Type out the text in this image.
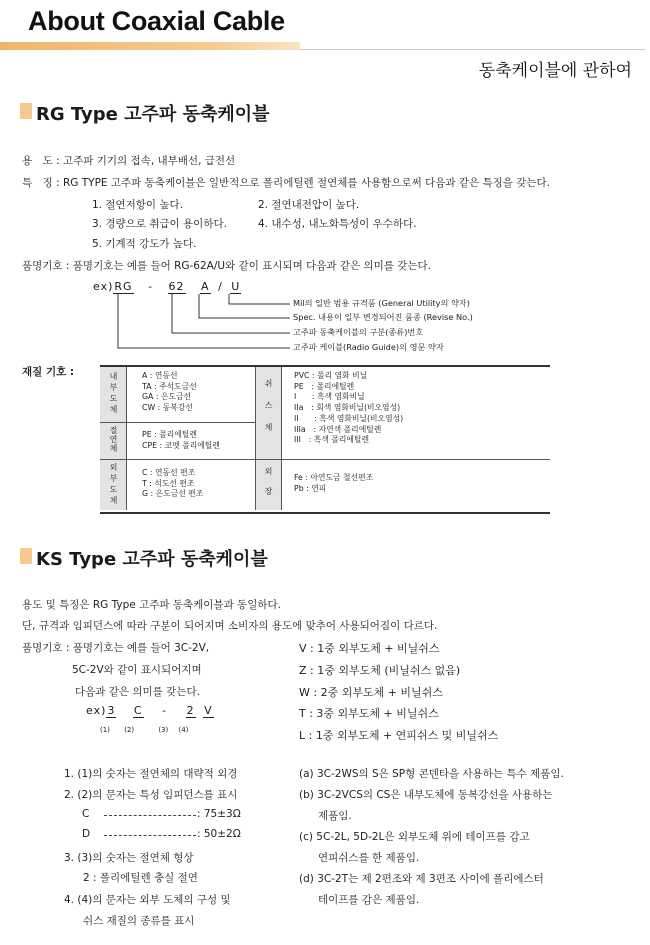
About Coaxial Cable
동축케이블에 관하여
RG Type 고주파 동축케이블
용　도 : 고주파 기기의 접속, 내부배선, 급전선
특　징 : RG TYPE 고주파 동축케이블은 일반적으로 폴리에틸렌 절연체를 사용함으로써 다음과 같은 특징을 갖는다.
1. 절연저항이 높다.	2. 절연내전압이 높다.
3. 경량으로 취급이 용이하다.	4. 내수성, 내노화특성이 우수하다.
5. 기계적 강도가 높다.
품명기호 : 품명기호는 예를 들어 RG-62A/U와 같이 표시되며 다음과 같은 의미를 갖는다.
ex)RG - 62 A / U
Mil의 일반 범용 규격품 (General Utility의 약자)
Spec. 내용이 일부 변경되어진 품종 (Revise No.)
고주파 동축케이블의 구분(종류)번호
고주파 케이블(Radio Guide)의 영문 약자
재질 기호 :	내부도체	A : 연동선
TA : 주석도금선
GA : 은도금선
CW : 동복강선
절연체	PE : 폴리에틸렌
CPE : 코멧 폴리에틸렌
외부도체	C : 연동선 편조
T : 석도선 편조
G : 은도금선 편조
쉬스체
PVC : 폴리 염화 비닐
PE　: 폴리에틸렌
I　　: 흑색 염화비닐
IIa　: 회색 염화비닐(비오염성)
II　　: 흑색 염화비닐(비오염성)
IIIa　: 자연색 폴리에틸렌
III　: 흑색 폴리에틸렌
외장	Fe : 아연도금 철선편조
Pb : 연피
KS Type 고주파 동축케이블
용도 및 특징은 RG Type 고주파 동축케이블과 동일하다.
단, 규격과 임피던스에 따라 구분이 되어지며 소비자의 용도에 맞추어 사용되어짐이 다르다.
품명기호 : 품명기호는 예를 들어 3C-2V,
5C-2V와 같이 표시되어지며
다음과 같은 의미를 갖는다.
ex)3 C - 2 V
(1) (2)	(3) (4)
V : 1중 외부도체 + 비닐쉬스
Z : 1중 외부도체 (비닐쉬스 없음)
W : 2중 외부도체 + 비닐쉬스
T : 3중 외부도체 + 비닐쉬스
L : 1중 외부도체 + 연피쉬스 및 비닐쉬스
1. (1)의 숫자는 절연체의 대략적 외경
2. (2)의 문자는 특성 임피던스를 표시
C	: 75±3Ω
D	: 50±2Ω
3. (3)의 숫자는 절연체 형상
2 : 폴리에틸렌 충실 절연
4. (4)의 문자는 외부 도체의 구성 및
쉬스 재질의 종류를 표시
(a) 3C-2WS의 S은 SP형 콘덴타을 사용하는 특수 제품임.
(b) 3C-2VCS의 CS은 내부도체에 동복강선을 사용하는
제품임.
(c) 5C-2L, 5D-2L은 외부도체 위에 테이프를 감고
연피쉬스를 한 제품임.
(d) 3C-2T는 제 2편조와 제 3편조 사이에 폴리에스터
테이프를 감은 제품임.
